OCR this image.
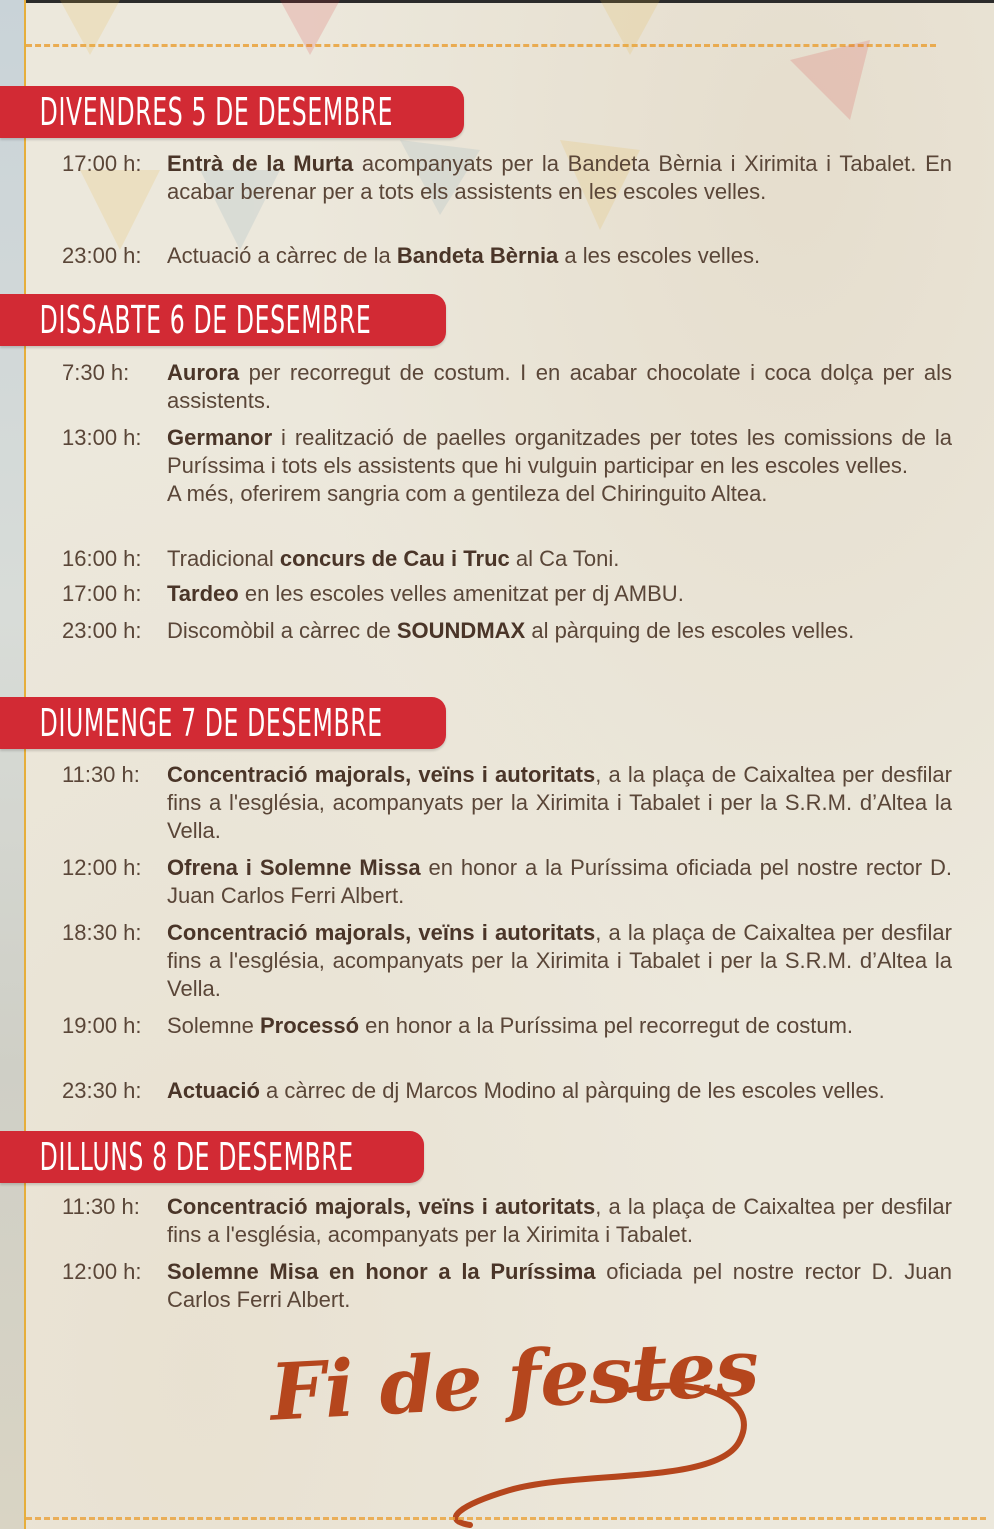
DIVENDRES 5 DE DESEMBRE
17:00 h:	Entrà de la Murta acompanyats per la Bandeta Bèrnia i Xirimita i Tabalet. En acabar berenar per a tots els assistents en les escoles velles.
23:00 h:	Actuació a càrrec de la Bandeta Bèrnia a les escoles velles.
DISSABTE 6 DE DESEMBRE
7:30 h:	Aurora per recorregut de costum. I en acabar chocolate i coca dolça per als assistents.
13:00 h:	Germanor i realització de paelles organitzades per totes les comissions de la Puríssima i tots els assistents que hi vulguin participar en les escoles velles.
A més, oferirem sangria com a gentileza del Chiringuito Altea.
16:00 h:	Tradicional concurs de Cau i Truc al Ca Toni.
17:00 h:	Tardeo en les escoles velles amenitzat per dj AMBU.
23:00 h:	Discomòbil a càrrec de SOUNDMAX al pàrquing de les escoles velles.
DIUMENGE 7 DE DESEMBRE
11:30 h:	Concentració majorals, veïns i autoritats, a la plaça de Caixaltea per desfilar fins a l'església, acompanyats per la Xirimita i Tabalet i per la S.R.M. d’Altea la Vella.
12:00 h:	Ofrena i Solemne Missa en honor a la Puríssima oficiada pel nostre rector D. Juan Carlos Ferri Albert.
18:30 h:	Concentració majorals, veïns i autoritats, a la plaça de Caixaltea per desfilar fins a l'església, acompanyats per la Xirimita i Tabalet i per la S.R.M. d’Altea la Vella.
19:00 h:	Solemne Processó en honor a la Puríssima pel recorregut de costum.
23:30 h:	Actuació a càrrec de dj Marcos Modino al pàrquing de les escoles velles.
DILLUNS 8 DE DESEMBRE
11:30 h:	Concentració majorals, veïns i autoritats, a la plaça de Caixaltea per desfilar fins a l'església, acompanyats per la Xirimita i Tabalet.
12:00 h:	Solemne Misa en honor a la Puríssima oficiada pel nostre rector D. Juan Carlos Ferri Albert.
Fi de festes
